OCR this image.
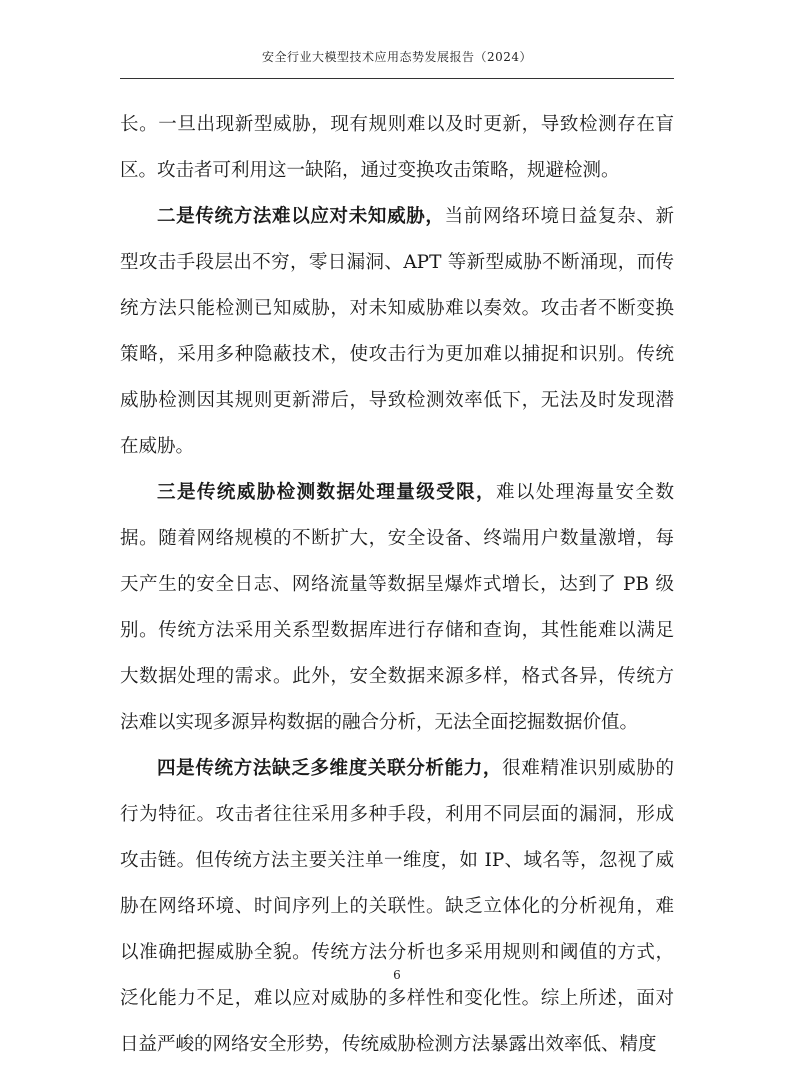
安全行业大模型技术应用态势发展报告（2024）

长。一旦出现新型威胁，现有规则难以及时更新，导致检测存在盲区。攻击者可利用这一缺陷，通过变换攻击策略，规避检测。

二是传统方法难以应对未知威胁，当前网络环境日益复杂、新型攻击手段层出不穷，零日漏洞、APT 等新型威胁不断涌现，而传统方法只能检测已知威胁，对未知威胁难以奏效。攻击者不断变换策略，采用多种隐蔽技术，使攻击行为更加难以捕捉和识别。传统威胁检测因其规则更新滞后，导致检测效率低下，无法及时发现潜在威胁。

三是传统威胁检测数据处理量级受限，难以处理海量安全数据。随着网络规模的不断扩大，安全设备、终端用户数量激增，每天产生的安全日志、网络流量等数据呈爆炸式增长，达到了 PB 级别。传统方法采用关系型数据库进行存储和查询，其性能难以满足大数据处理的需求。此外，安全数据来源多样，格式各异，传统方法难以实现多源异构数据的融合分析，无法全面挖掘数据价值。

四是传统方法缺乏多维度关联分析能力，很难精准识别威胁的行为特征。攻击者往往采用多种手段，利用不同层面的漏洞，形成攻击链。但传统方法主要关注单一维度，如 IP、域名等，忽视了威胁在网络环境、时间序列上的关联性。缺乏立体化的分析视角，难以准确把握威胁全貌。传统方法分析也多采用规则和阈值的方式，泛化能力不足，难以应对威胁的多样性和变化性。综上所述，面对日益严峻的网络安全形势，传统威胁检测方法暴露出效率低、精度

6
